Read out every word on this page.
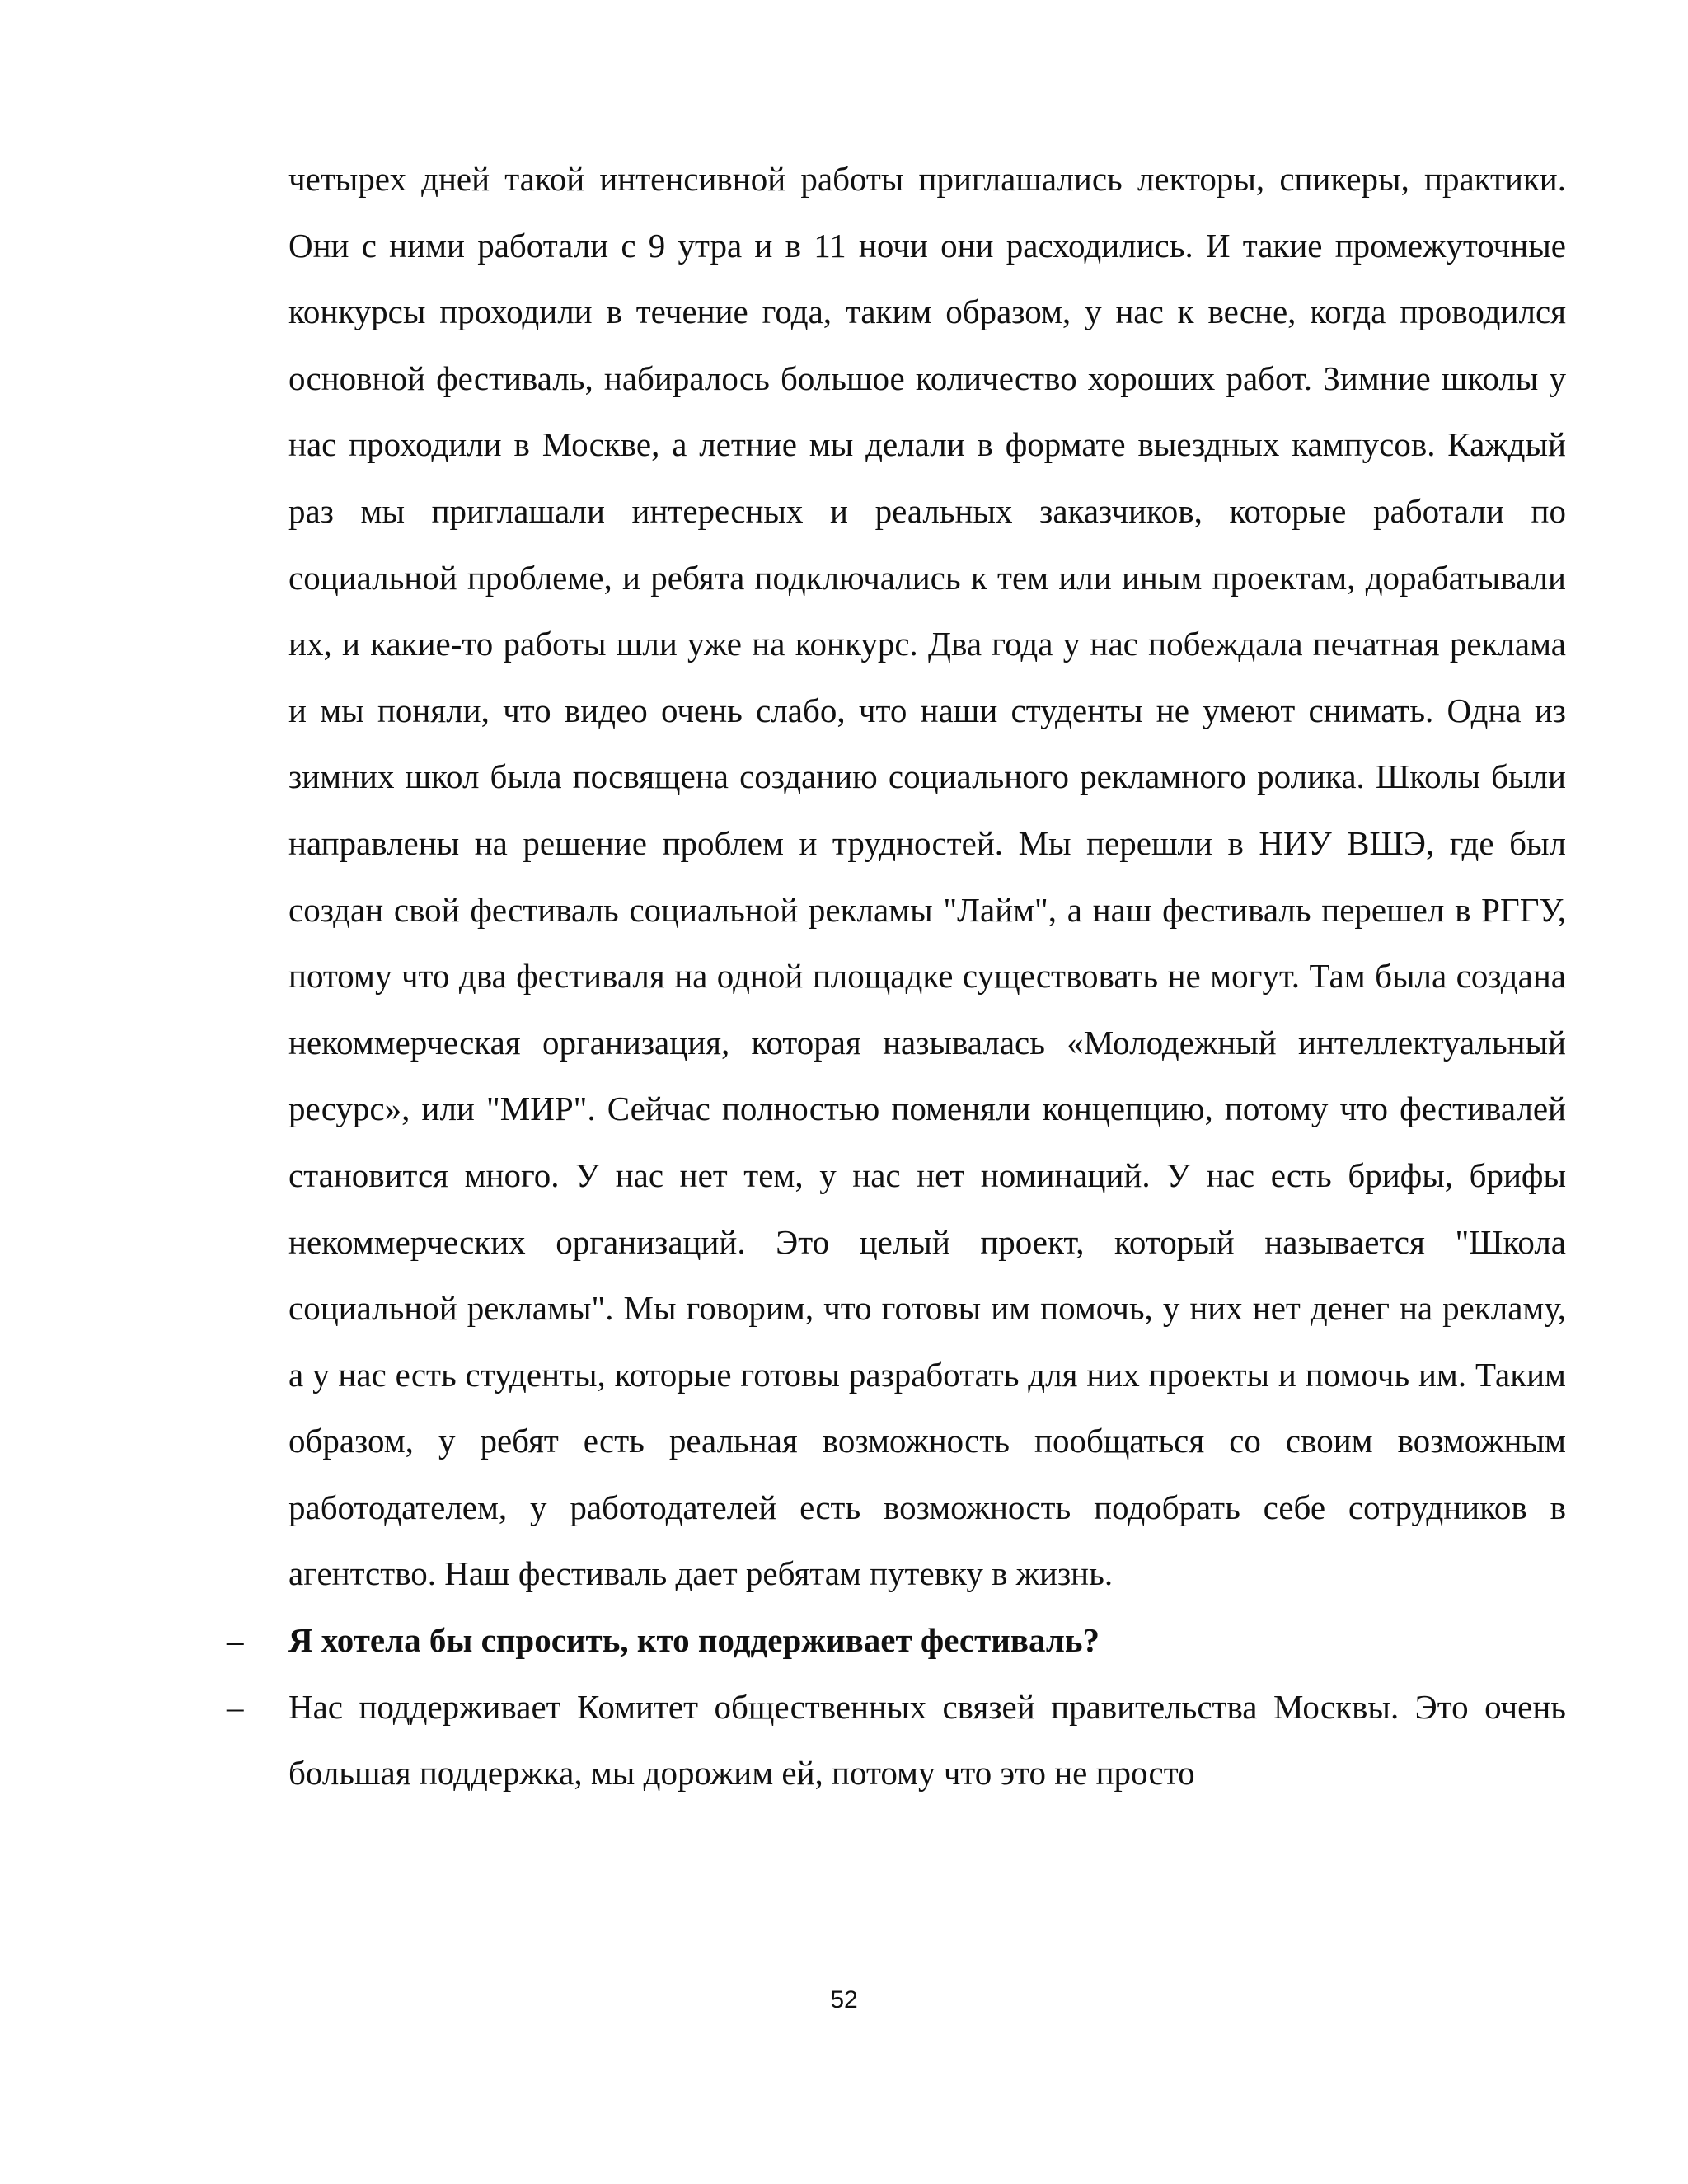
четырех дней такой интенсивной работы приглашались лекторы, спикеры, практики. Они с ними работали с 9 утра и в 11 ночи они расходились. И такие промежуточные конкурсы проходили в течение года, таким образом, у нас к весне, когда проводился основной фестиваль, набиралось большое количество хороших работ. Зимние школы у нас проходили в Москве, а летние мы делали в формате выездных кампусов. Каждый раз мы приглашали интересных и реальных заказчиков, которые работали по социальной проблеме, и ребята подключались к тем или иным проектам, дорабатывали их, и какие-то работы шли уже на конкурс. Два года у нас побеждала печатная реклама и мы поняли, что видео очень слабо, что наши студенты не умеют снимать. Одна из зимних школ была посвящена созданию социального рекламного ролика. Школы были направлены на решение проблем и трудностей. Мы перешли в НИУ ВШЭ, где был создан свой фестиваль социальной рекламы "Лайм", а наш фестиваль перешел в РГГУ, потому что два фестиваля на одной площадке существовать не могут. Там была создана некоммерческая организация, которая называлась «Молодежный интеллектуальный ресурс», или "МИР". Сейчас полностью поменяли концепцию, потому что фестивалей становится много. У нас нет тем, у нас нет номинаций. У нас есть брифы, брифы некоммерческих организаций. Это целый проект, который называется "Школа социальной рекламы". Мы говорим, что готовы им помочь, у них нет денег на рекламу, а у нас есть студенты, которые готовы разработать для них проекты и помочь им. Таким образом, у ребят есть реальная возможность пообщаться со своим возможным работодателем, у работодателей есть возможность подобрать себе сотрудников в агентство. Наш фестиваль дает ребятам путевку в жизнь.

– Я хотела бы спросить, кто поддерживает фестиваль?

– Нас поддерживает Комитет общественных связей правительства Москвы. Это очень большая поддержка, мы дорожим ей, потому что это не просто

52
